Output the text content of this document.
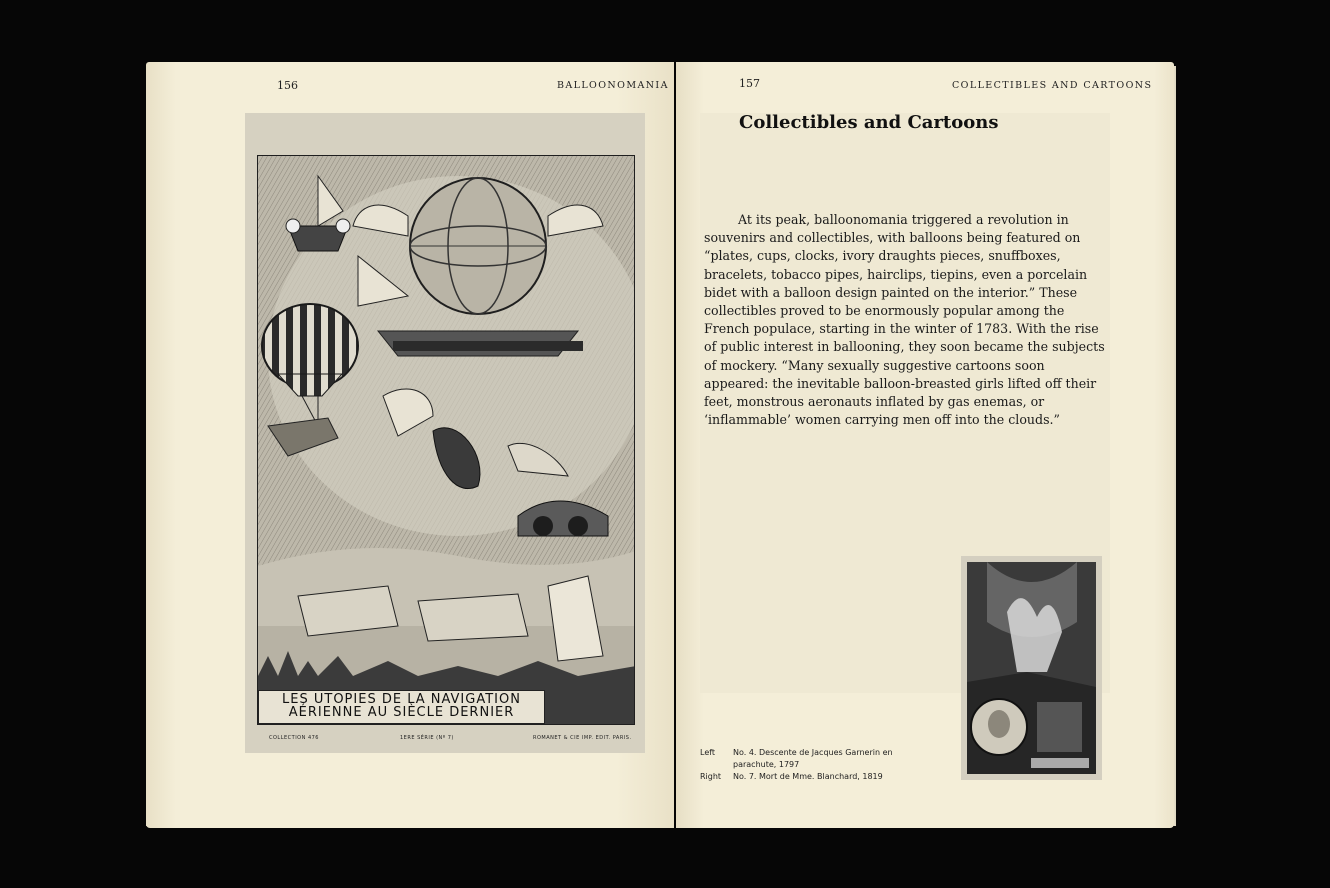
156	BALLOONOMANIA
LES UTOPIES DE LA NAVIGATION
AÉRIENNE AU SIÈCLE DERNIER
COLLECTION 476	1ERE SÉRIE (Nº 7)	ROMANET & CIE IMP. EDIT. PARIS.
157	COLLECTIBLES AND CARTOONS
Collectibles and Cartoons

At its peak, balloonomania triggered a revolution in souvenirs and collectibles, with balloons being featured on “plates, cups, clocks, ivory draughts pieces, snuffboxes, bracelets, tobacco pipes, hairclips, tiepins, even a porcelain bidet with a balloon design painted on the interior.” These collectibles proved to be enormously popular among the French populace, starting in the winter of 1783. With the rise of public interest in ballooning, they soon became the subjects of mockery. “Many sexually suggestive cartoons soon appeared: the inevitable balloon-breasted girls lifted off their feet, monstrous aeronauts inflated by gas enemas, or ‘inflammable’ women carrying men off into the clouds.”

Left No. 4. Descente de Jacques Garnerin en
parachute, 1797
Right No. 7. Mort de Mme. Blanchard, 1819
